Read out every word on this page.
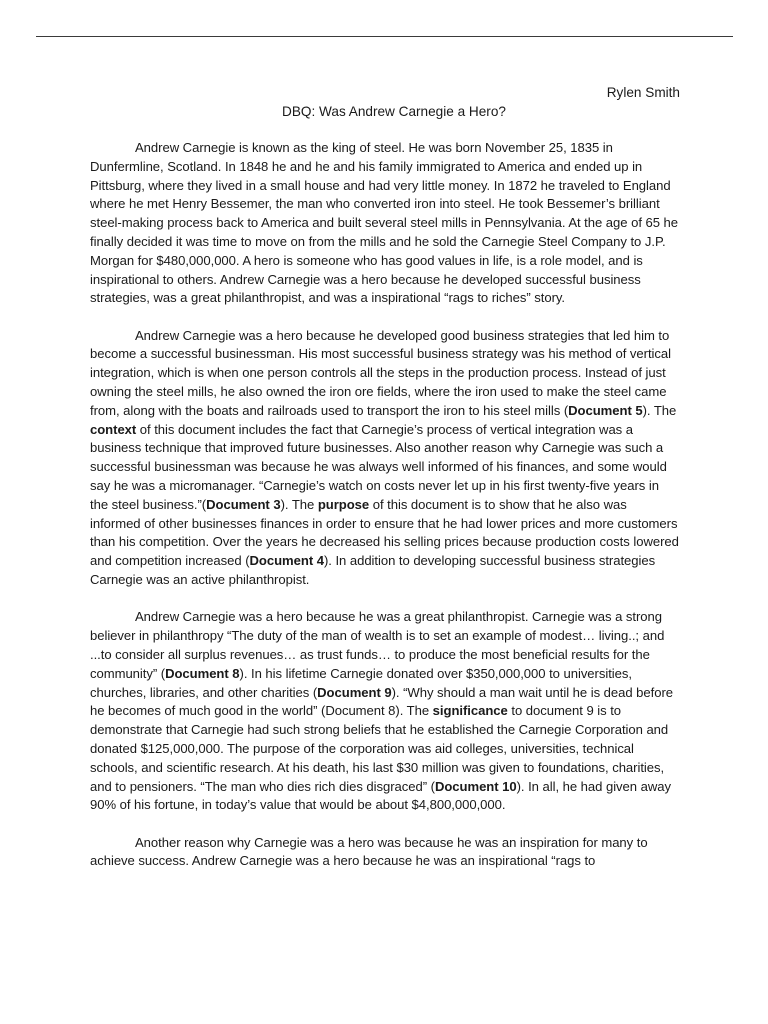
Rylen Smith

DBQ: Was Andrew Carnegie a Hero?

Andrew Carnegie is known as the king of steel. He was born November 25, 1835 in Dunfermline, Scotland. In 1848 he and he and his family immigrated to America and ended up in Pittsburg, where they lived in a small house and had very little money. In 1872 he traveled to England where he met Henry Bessemer, the man who converted iron into steel. He took Bessemer’s brilliant steel-making process back to America and built several steel mills in Pennsylvania. At the age of 65 he finally decided it was time to move on from the mills and he sold the Carnegie Steel Company to J.P. Morgan for $480,000,000. A hero is someone who has good values in life, is a role model, and is inspirational to others. Andrew Carnegie was a hero because he developed successful business strategies, was a great philanthropist, and was a inspirational “rags to riches” story.

Andrew Carnegie was a hero because he developed good business strategies that led him to become a successful businessman. His most successful business strategy was his method of vertical integration, which is when one person controls all the steps in the production process. Instead of just owning the steel mills, he also owned the iron ore fields, where the iron used to make the steel came from, along with the boats and railroads used to transport the iron to his steel mills (Document 5). The context of this document includes the fact that Carnegie’s process of vertical integration was a business technique that improved future businesses. Also another reason why Carnegie was such a successful businessman was because he was always well informed of his finances, and some would say he was a micromanager. “Carnegie’s watch on costs never let up in his first twenty-five years in the steel business.”(Document 3). The purpose of this document is to show that he also was informed of other businesses finances in order to ensure that he had lower prices and more customers than his competition. Over the years he decreased his selling prices because production costs lowered and competition increased (Document 4). In addition to developing successful business strategies Carnegie was an active philanthropist.

Andrew Carnegie was a hero because he was a great philanthropist. Carnegie was a strong believer in philanthropy “The duty of the man of wealth is to set an example of modest… living..; and ...to consider all surplus revenues… as trust funds… to produce the most beneficial results for the community” (Document 8). In his lifetime Carnegie donated over $350,000,000 to universities, churches, libraries, and other charities (Document 9). “Why should a man wait until he is dead before he becomes of much good in the world” (Document 8). The significance to document 9 is to demonstrate that Carnegie had such strong beliefs that he established the Carnegie Corporation and donated $125,000,000. The purpose of the corporation was aid colleges, universities, technical schools, and scientific research. At his death, his last $30 million was given to foundations, charities, and to pensioners. “The man who dies rich dies disgraced” (Document 10). In all, he had given away 90% of his fortune, in today’s value that would be about $4,800,000,000.

Another reason why Carnegie was a hero was because he was an inspiration for many to achieve success. Andrew Carnegie was a hero because he was an inspirational “rags to
